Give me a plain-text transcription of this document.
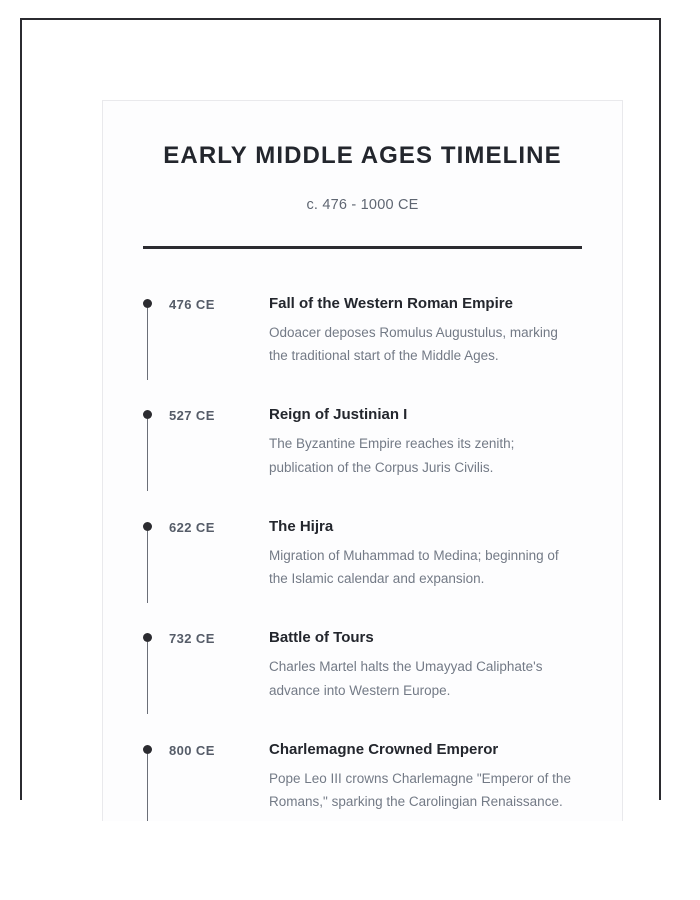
EARLY MIDDLE AGES TIMELINE
c. 476 - 1000 CE
476 CE	Fall of the Western Roman Empire
Odoacer deposes Romulus Augustulus, marking the traditional start of the Middle Ages.
527 CE	Reign of Justinian I
The Byzantine Empire reaches its zenith; publication of the Corpus Juris Civilis.
622 CE	The Hijra
Migration of Muhammad to Medina; beginning of the Islamic calendar and expansion.
732 CE	Battle of Tours
Charles Martel halts the Umayyad Caliphate's advance into Western Europe.
800 CE	Charlemagne Crowned Emperor
Pope Leo III crowns Charlemagne "Emperor of the Romans," sparking the Carolingian Renaissance.
